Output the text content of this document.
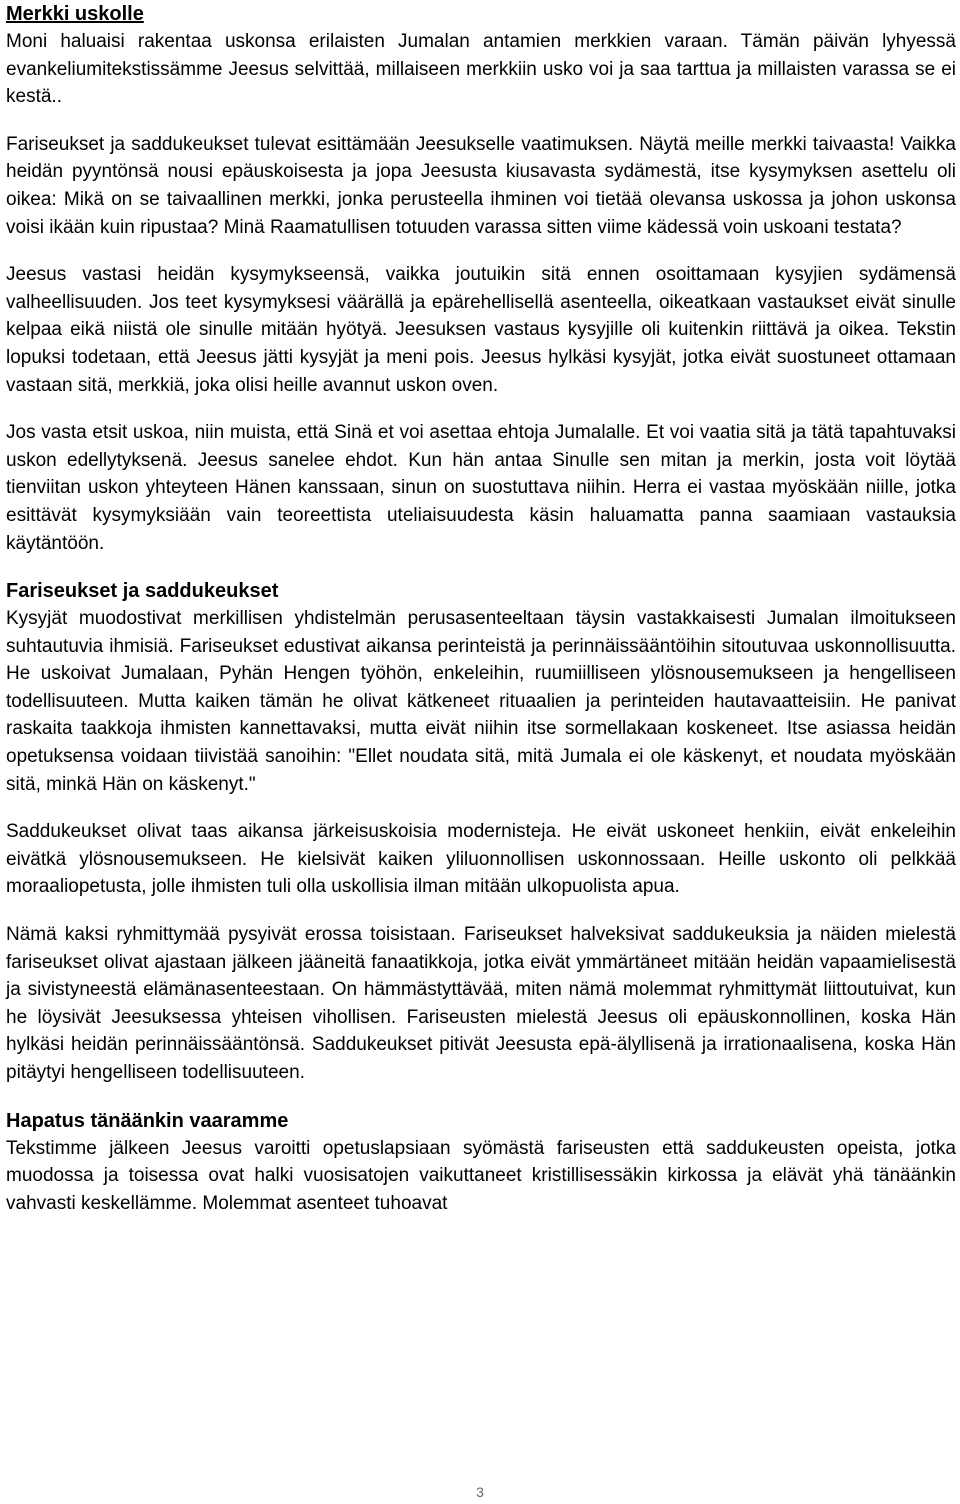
Merkki uskolle

Moni haluaisi rakentaa uskonsa erilaisten Jumalan antamien merkkien varaan. Tämän päivän lyhyessä evankeliumitekstissämme Jeesus selvittää, millaiseen merkkiin usko voi ja saa tarttua ja millaisten varassa se ei kestä..

Fariseukset ja saddukeukset tulevat esittämään Jeesukselle vaatimuksen. Näytä meille merkki taivaasta! Vaikka heidän pyyntönsä nousi epäuskoisesta ja jopa Jeesusta kiusavasta sydämestä, itse kysymyksen asettelu oli oikea: Mikä on se taivaallinen merkki, jonka perusteella ihminen voi tietää olevansa uskossa ja johon uskonsa voisi ikään kuin ripustaa? Minä Raamatullisen totuuden varassa sitten viime kädessä voin uskoani testata?

Jeesus vastasi heidän kysymykseensä, vaikka joutuikin sitä ennen osoittamaan kysyjien sydämensä valheellisuuden. Jos teet kysymyksesi väärällä ja epärehellisellä asenteella, oikeatkaan vastaukset eivät sinulle kelpaa eikä niistä ole sinulle mitään hyötyä. Jeesuksen vastaus kysyjille oli kuitenkin riittävä ja oikea. Tekstin lopuksi todetaan, että Jeesus jätti kysyjät ja meni pois. Jeesus hylkäsi kysyjät, jotka eivät suostuneet ottamaan vastaan sitä, merkkiä, joka olisi heille avannut uskon oven.

Jos vasta etsit uskoa, niin muista, että Sinä et voi asettaa ehtoja Jumalalle. Et voi vaatia sitä ja tätä tapahtuvaksi uskon edellytyksenä. Jeesus sanelee ehdot. Kun hän antaa Sinulle sen mitan ja merkin, josta voit löytää tienviitan uskon yhteyteen Hänen kanssaan, sinun on suostuttava niihin. Herra ei vastaa myöskään niille, jotka esittävät kysymyksiään vain teoreettista uteliaisuudesta käsin haluamatta panna saamiaan vastauksia käytäntöön.

Fariseukset ja saddukeukset

Kysyjät muodostivat merkillisen yhdistelmän perusasenteeltaan täysin vastakkaisesti Jumalan ilmoitukseen suhtautuvia ihmisiä. Fariseukset edustivat aikansa perinteistä ja perinnäissääntöihin sitoutuvaa uskonnollisuutta. He uskoivat Jumalaan, Pyhän Hengen työhön, enkeleihin, ruumiilliseen ylösnousemukseen ja hengelliseen todellisuuteen. Mutta kaiken tämän he olivat kätkeneet rituaalien ja perinteiden hautavaatteisiin. He panivat raskaita taakkoja ihmisten kannettavaksi, mutta eivät niihin itse sormellakaan koskeneet. Itse asiassa heidän opetuksensa voidaan tiivistää sanoihin: "Ellet noudata sitä, mitä Jumala ei ole käskenyt, et noudata myöskään sitä, minkä Hän on käskenyt."

Saddukeukset olivat taas aikansa järkeisuskoisia modernisteja. He eivät uskoneet henkiin, eivät enkeleihin eivätkä ylösnousemukseen. He kielsivät kaiken yliluonnollisen uskonnossaan. Heille uskonto oli pelkkää moraaliopetusta, jolle ihmisten tuli olla uskollisia ilman mitään ulkopuolista apua.

Nämä kaksi ryhmittymää pysyivät erossa toisistaan. Fariseukset halveksivat saddukeuksia ja näiden mielestä fariseukset olivat ajastaan jälkeen jääneitä fanaatikkoja, jotka eivät ymmärtäneet mitään heidän vapaamielisestä ja sivistyneestä elämänasenteestaan. On hämmästyttävää, miten nämä molemmat ryhmittymät liittoutuivat, kun he löysivät Jeesuksessa yhteisen vihollisen. Fariseusten mielestä Jeesus oli epäuskonnollinen, koska Hän hylkäsi heidän perinnäissääntönsä. Saddukeukset pitivät Jeesusta epä-älyllisenä ja irrationaalisena, koska Hän pitäytyi hengelliseen todellisuuteen.

Hapatus tänäänkin vaaramme

Tekstimme jälkeen Jeesus varoitti opetuslapsiaan syömästä fariseusten että saddukeusten opeista, jotka muodossa ja toisessa ovat halki vuosisatojen vaikuttaneet kristillisessäkin kirkossa ja elävät yhä tänäänkin vahvasti keskellämme. Molemmat asenteet tuhoavat

3
